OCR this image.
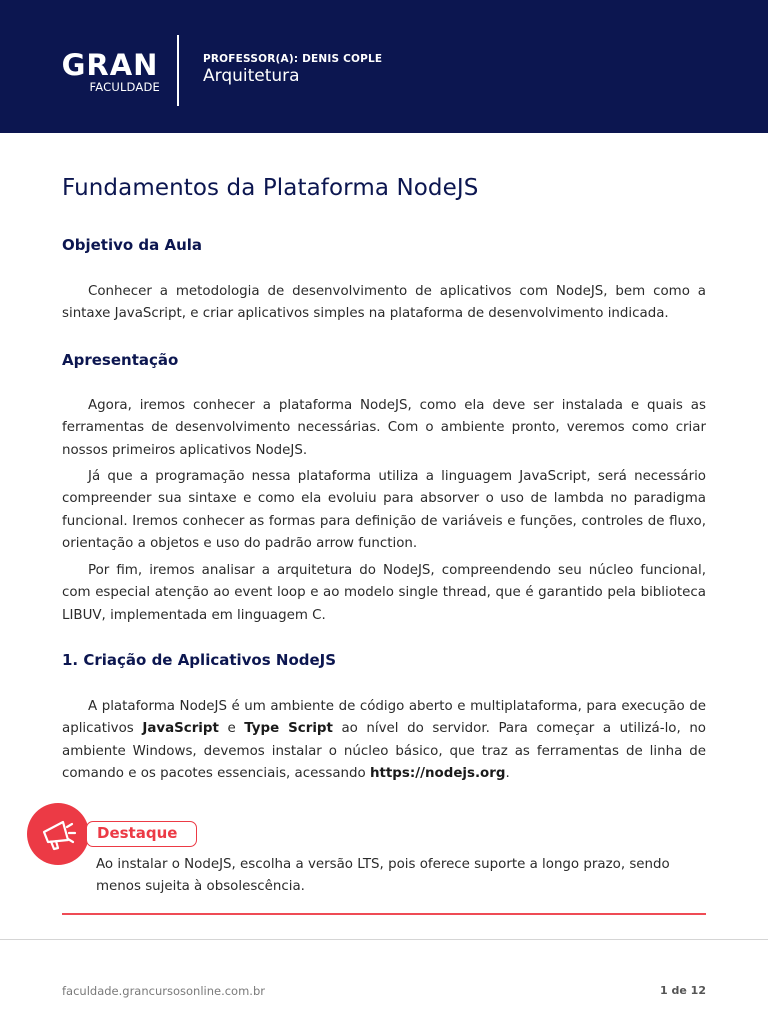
GRAN
FACULDADE
PROFESSOR(A): DENIS COPLE
Arquitetura
Fundamentos da Plataforma NodeJS
Objetivo da Aula

Conhecer a metodologia de desenvolvimento de aplicativos com NodeJS, bem como a sintaxe JavaScript, e criar aplicativos simples na plataforma de desenvolvimento indicada.

Apresentação

Agora, iremos conhecer a plataforma NodeJS, como ela deve ser instalada e quais as ferramentas de desenvolvimento necessárias. Com o ambiente pronto, veremos como criar nossos primeiros aplicativos NodeJS.

Já que a programação nessa plataforma utiliza a linguagem JavaScript, será necessário compreender sua sintaxe e como ela evoluiu para absorver o uso de lambda no paradigma funcional. Iremos conhecer as formas para definição de variáveis e funções, controles de fluxo, orientação a objetos e uso do padrão arrow function.

Por fim, iremos analisar a arquitetura do NodeJS, compreendendo seu núcleo funcional, com especial atenção ao event loop e ao modelo single thread, que é garantido pela biblioteca LIBUV, implementada em linguagem C.

1. Criação de Aplicativos NodeJS

A plataforma NodeJS é um ambiente de código aberto e multiplataforma, para execução de aplicativos JavaScript e Type Script ao nível do servidor. Para começar a utilizá-lo, no ambiente Windows, devemos instalar o núcleo básico, que traz as ferramentas de linha de comando e os pacotes essenciais, acessando https://nodejs.org.

Destaque

Ao instalar o NodeJS, escolha a versão LTS, pois oferece suporte a longo prazo, sendo menos sujeita à obsolescência.

faculdade.grancursosonline.com.br	1 de 12
